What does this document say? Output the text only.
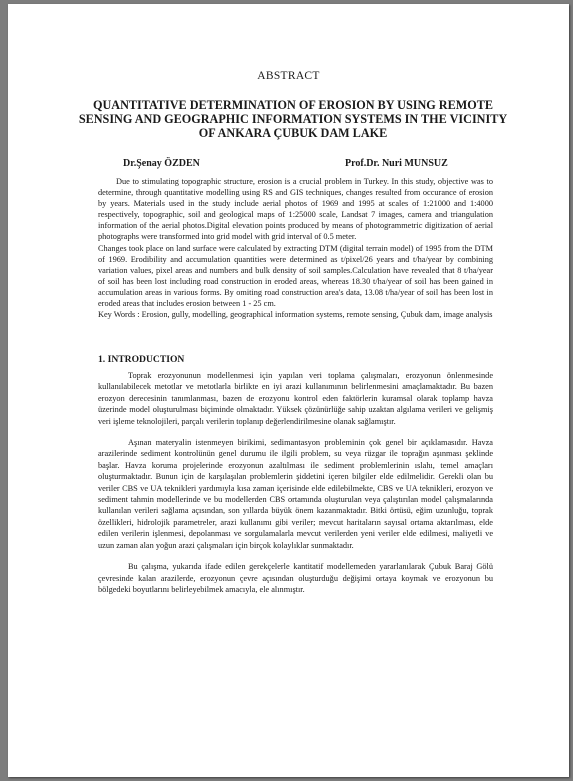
ABSTRACT
QUANTITATIVE DETERMINATION OF EROSION BY USING REMOTE SENSING AND GEOGRAPHIC INFORMATION SYSTEMS IN THE VICINITY OF ANKARA ÇUBUK DAM LAKE
Dr.Şenay ÖZDEN	Prof.Dr. Nuri MUNSUZ

Due to stimulating topographic structure, erosion is a crucial problem in Turkey. In this study, objective was to determine, through quantitative modelling using RS and GIS techniques, changes resulted from occurance of erosion by years. Materials used in the study include aerial photos of 1969 and 1995 at scales of 1:21000 and 1:4000 respectively, topographic, soil and geological maps of 1:25000 scale, Landsat 7 images, camera and triangulation information of the aerial photos.Digital elevation points produced by means of photogrammetric digitization of aerial photographs were transformed into grid model with grid interval of 0.5 meter.

Changes took place on land surface were calculated by extracting DTM (digital terrain model) of 1995 from the DTM of 1969. Erodibility and accumulation quantities were determined as t/pixel/26 years and t/ha/year by combining variation values, pixel areas and numbers and bulk density of soil samples.Calculation have revealed that 8 t/ha/year of soil has been lost including road construction in eroded areas, whereas 18.30 t/ha/year of soil has been gained in accumulation areas in various forms. By omiting road construction area's data, 13.08 t/ha/year of soil has been lost in eroded areas that includes erosion between 1 - 25 cm.

Key Words : Erosion, gully, modelling, geographical information systems, remote sensing, Çubuk dam, image analysis

1. INTRODUCTION

Toprak erozyonunun modellenmesi için yapılan veri toplama çalışmaları, erozyonun önlenmesinde kullanılabilecek metotlar ve metotlarla birlikte en iyi arazi kullanımının belirlenmesini amaçlamaktadır. Bu bazen erozyon derecesinin tanımlanması, bazen de erozyonu kontrol eden faktörlerin kuramsal olarak toplamp havza üzerinde model oluşturulması biçiminde olmaktadır. Yüksek çözünürlüğe sahip uzaktan algılama verileri ve gelişmiş veri işleme teknolojileri, parçalı verilerin toplanıp değerlendirilmesine olanak sağlamıştır.

Aşınan materyalin istenmeyen birikimi, sedimantasyon probleminin çok genel bir açıklamasıdır. Havza arazilerinde sediment kontrolünün genel durumu ile ilgili problem, su veya rüzgar ile toprağın aşınması şeklinde başlar. Havza koruma projelerinde erozyonun azaltılması ile sediment problemlerinin ıslahı, temel amaçları oluşturmaktadır. Bunun için de karşılaşılan problemlerin şiddetini içeren bilgiler elde edilmelidir. Gerekli olan bu veriler CBS ve UA teknikleri yardımıyla kısa zaman içerisinde elde edilebilmekte, CBS ve UA teknikleri, erozyon ve sediment tahmin modellerinde ve bu modellerden CBS ortamında oluşturulan veya çalıştırılan model çalışmalarında kullanılan verileri sağlama açısından, son yıllarda büyük önem kazanmaktadır. Bitki örtüsü, eğim uzunluğu, toprak özellikleri, hidrolojik parametreler, arazi kullanımı gibi veriler; mevcut haritaların sayısal ortama aktarılması, elde edilen verilerin işlenmesi, depolanması ve sorgulamalarla mevcut verilerden yeni veriler elde edilmesi, maliyetli ve uzun zaman alan yoğun arazi çalışmaları için birçok kolaylıklar sunmaktadır.

Bu çalışma, yukarıda ifade edilen gerekçelerle kantitatif modellemeden yararlanılarak Çubuk Baraj Gölü çevresinde kalan arazilerde, erozyonun çevre açısından oluşturduğu değişimi ortaya koymak ve erozyonun bu bölgedeki boyutlarını belirleyebilmek amacıyla, ele alınmıştır.
